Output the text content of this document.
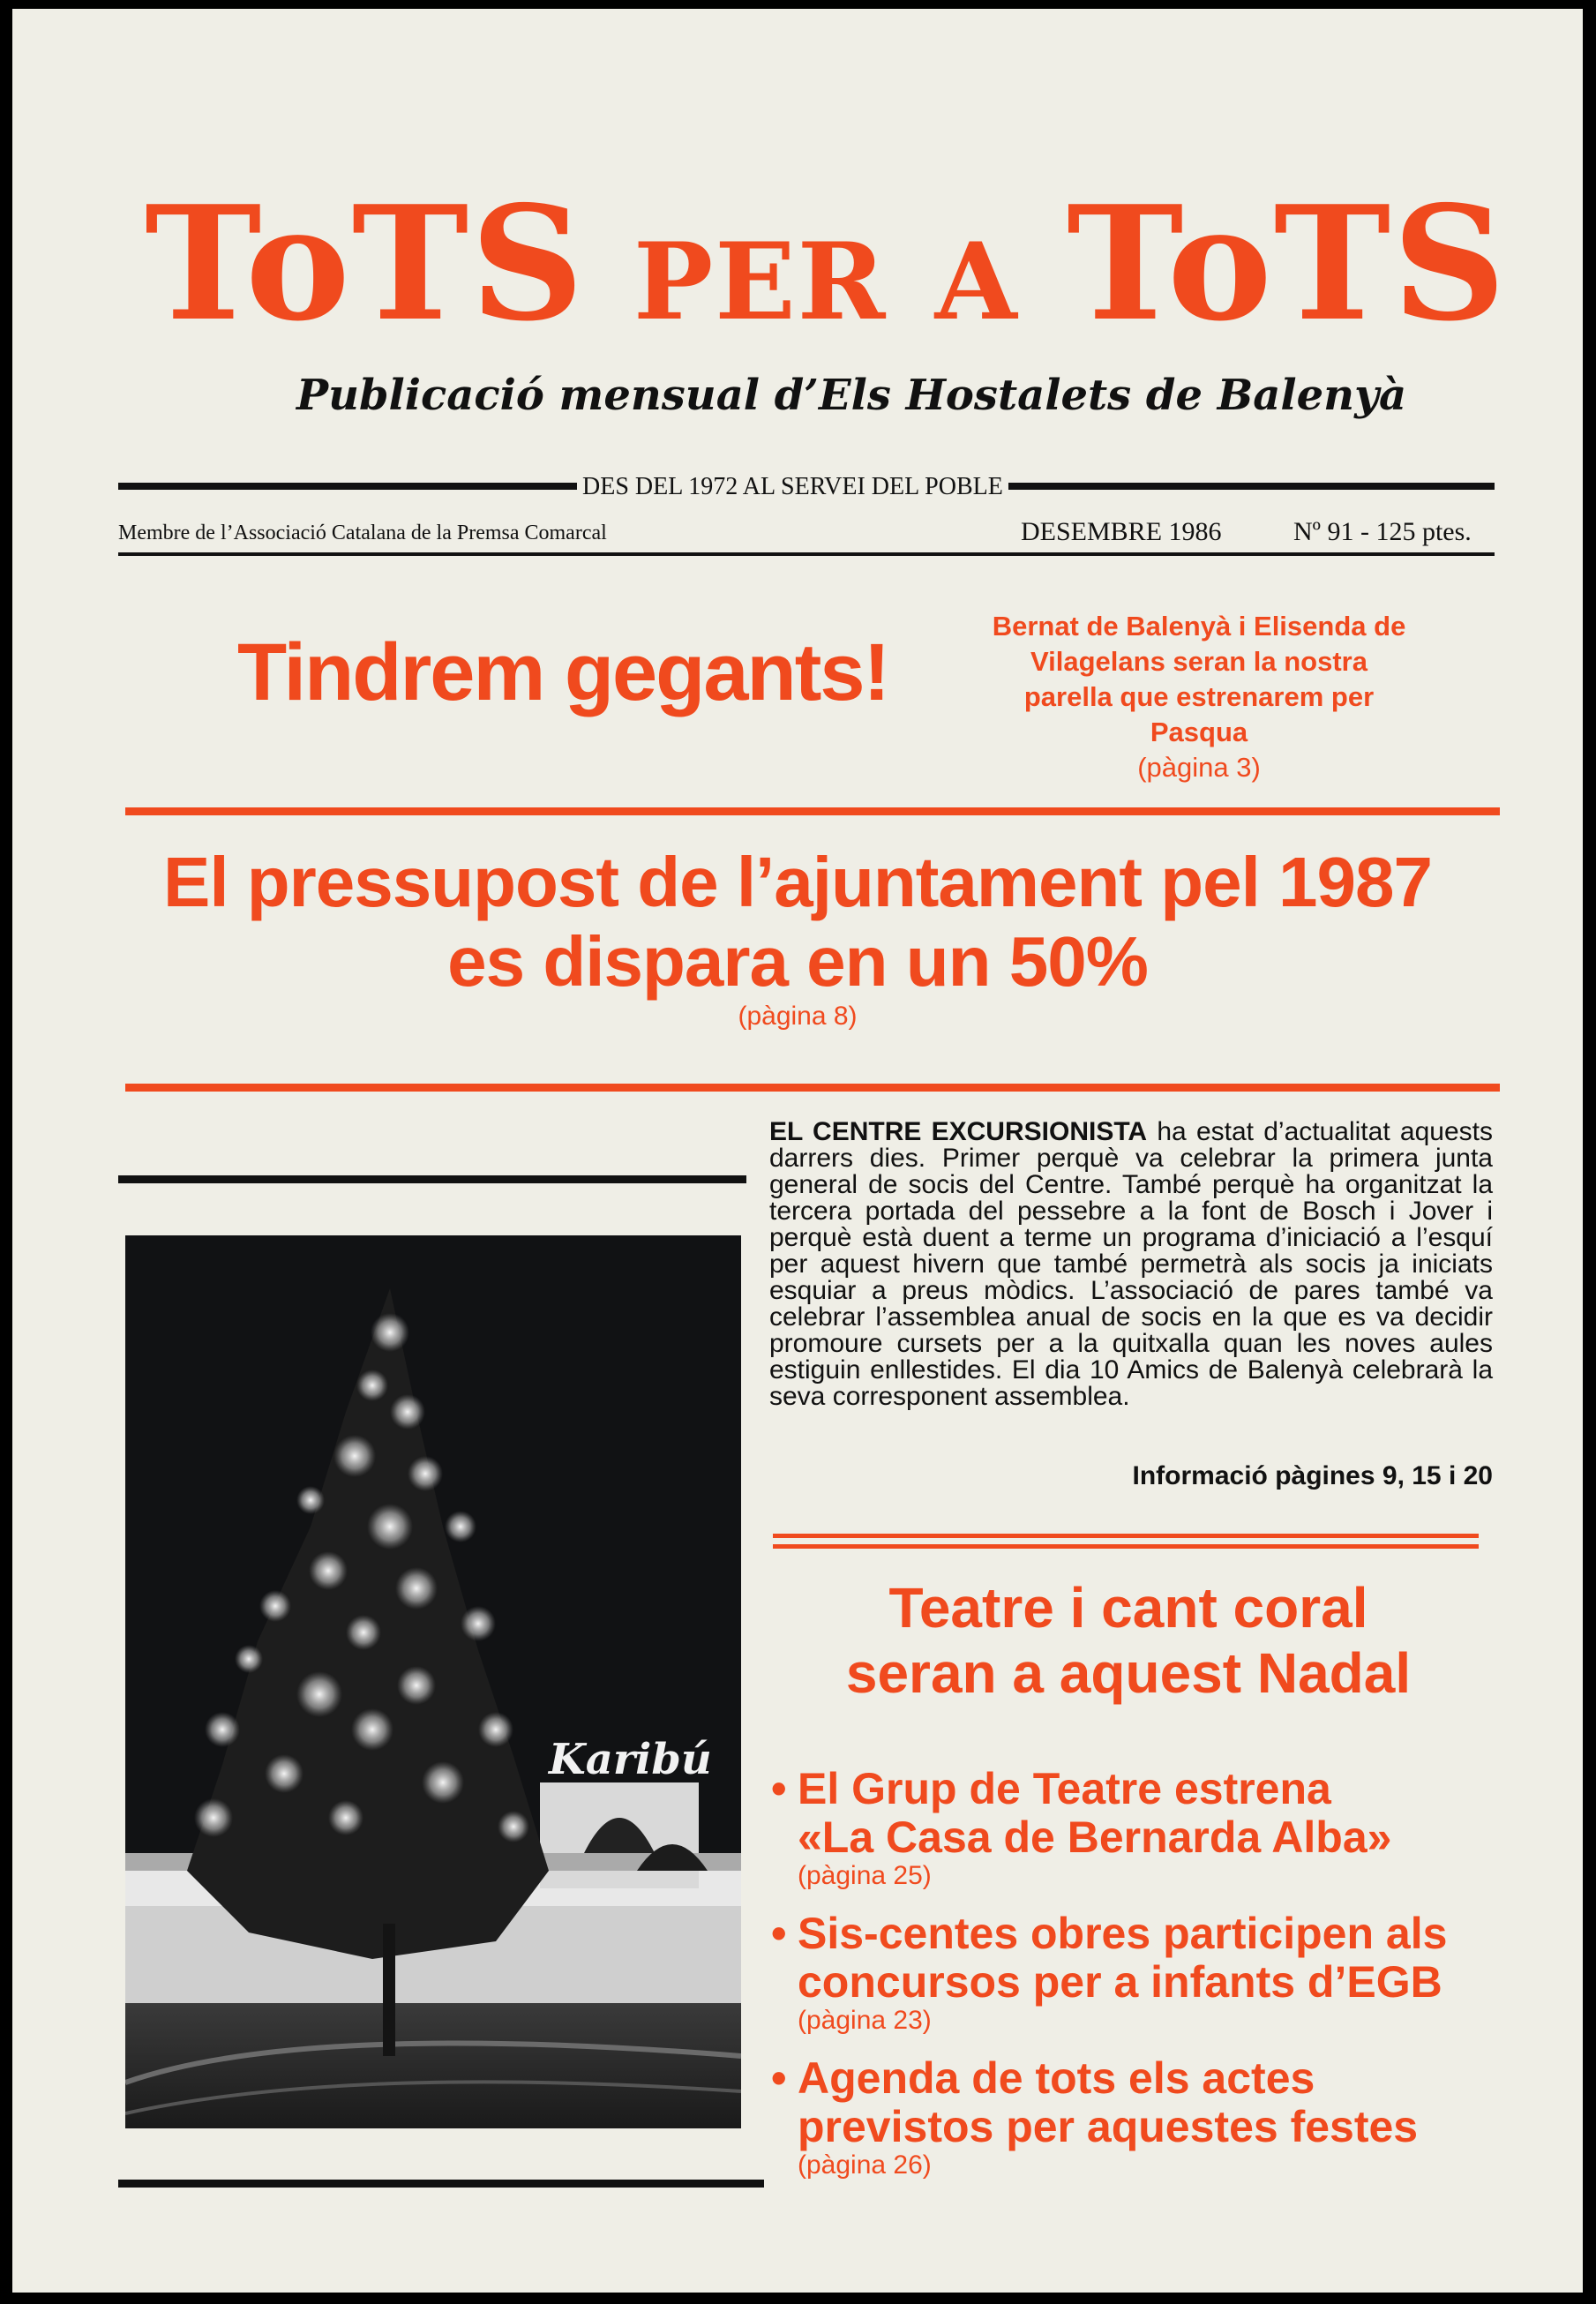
ToTS PER A ToTS
Publicació mensual d’Els Hostalets de Balenyà
DES DEL 1972 AL SERVEI DEL POBLE
Membre de l’Associació Catalana de la Premsa Comarcal	DESEMBRE 1986	Nº 91 - 125 ptes.
Tindrem gegants!
Bernat de Balenyà i Elisenda de Vilagelans seran la nostra parella que estrenarem per Pasqua
(pàgina 3)
El pressupost de l’ajuntament pel 1987
es dispara en un 50%
(pàgina 8)
Karibú
EL CENTRE EXCURSIONISTA ha estat d’actualitat aquests darrers dies. Primer perquè va celebrar la primera junta general de socis del Centre. També perquè ha organitzat la tercera portada del pessebre a la font de Bosch i Jover i perquè està duent a terme un programa d’iniciació a l’esquí per aquest hivern que també permetrà als socis ja iniciats esquiar a preus mòdics. L’associació de pares també va celebrar l’assemblea anual de socis en la que es va decidir promoure cursets per a la quitxalla quan les noves aules estiguin enllestides. El dia 10 Amics de Balenyà celebrarà la seva corresponent assemblea.
Informació pàgines 9, 15 i 20
Teatre i cant coral
seran a aquest Nadal
• El Grup de Teatre estrena
«La Casa de Bernarda Alba»
(pàgina 25)
• Sis-centes obres participen als
concursos per a infants d’EGB
(pàgina 23)
• Agenda de tots els actes
previstos per aquestes festes
(pàgina 26)
